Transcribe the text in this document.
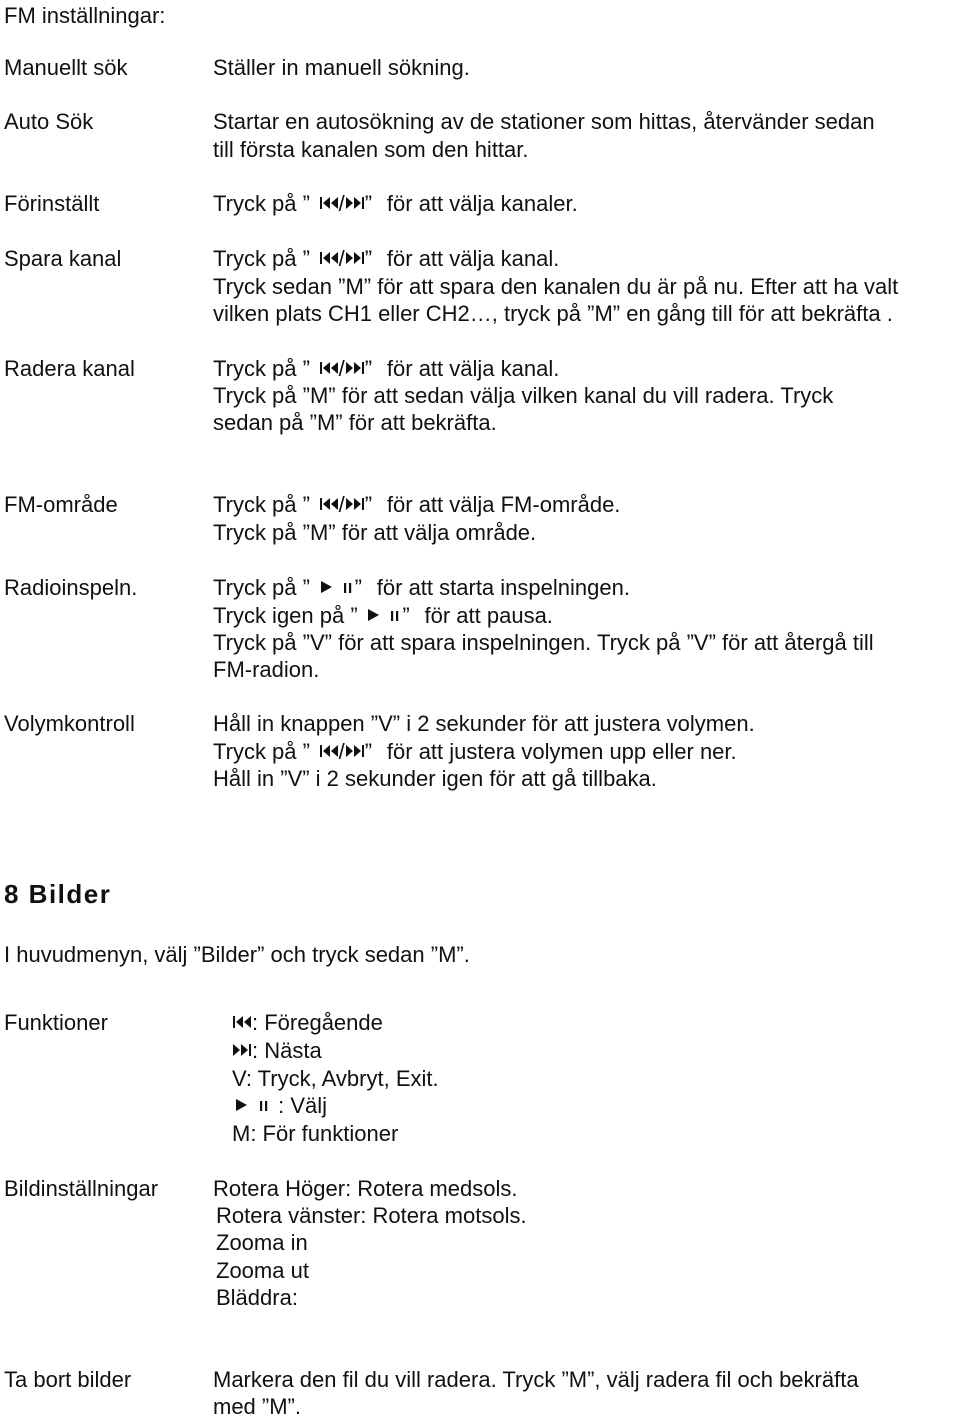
FM inställningar:
Manuellt sök	Ställer in manuell sökning.
Auto Sök	Startar en autosökning av de stationer som hittas, återvänder sedan
till första kanalen som den hittar.
Förinställt	Tryck på ” / ” för att välja kanaler.
Spara kanal	Tryck på ” / ” för att välja kanal.
Tryck sedan ”M” för att spara den kanalen du är på nu. Efter att ha valt
vilken plats CH1 eller CH2…, tryck på ”M” en gång till för att bekräfta .
Radera kanal	Tryck på ” / ” för att välja kanal.
Tryck på ”M” för att sedan välja vilken kanal du vill radera. Tryck
sedan på ”M” för att bekräfta.
FM-område	Tryck på ” / ” för att välja FM-område.
Tryck på ”M” för att välja område.
Radioinspeln.	Tryck på ” ” för att starta inspelningen.
Tryck igen på ” ” för att pausa.
Tryck på ”V” för att spara inspelningen. Tryck på ”V” för att återgå till
FM-radion.
Volymkontroll	Håll in knappen ”V” i 2 sekunder för att justera volymen.
Tryck på ” / ” för att justera volymen upp eller ner.
Håll in ”V” i 2 sekunder igen för att gå tillbaka.
8 Bilder
I huvudmenyn, välj ”Bilder” och tryck sedan ”M”.
Funktioner	: Föregående
: Nästa
V: Tryck, Avbryt, Exit.
: Välj
M: För funktioner
Bildinställningar Rotera Höger: Rotera medsols.
Rotera vänster: Rotera motsols.
Zooma in
Zooma ut
Bläddra:
Ta bort bilder	Markera den fil du vill radera. Tryck ”M”, välj radera fil och bekräfta
med ”M”.
